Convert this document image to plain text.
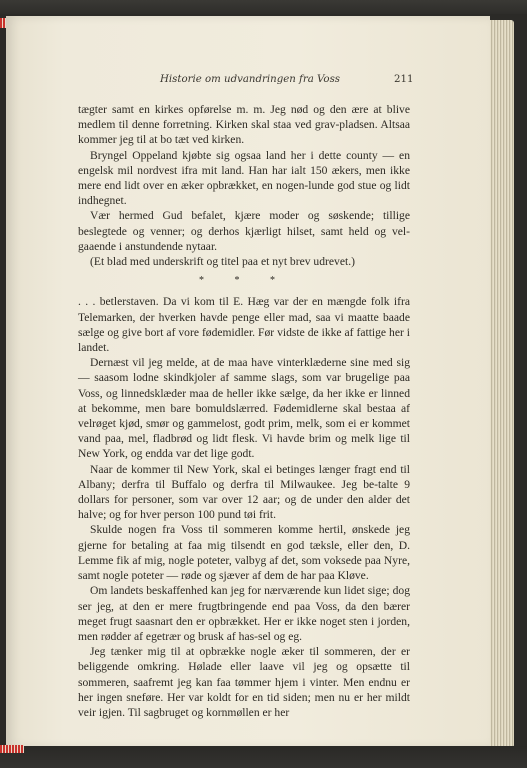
Historie om udvandringen fra Voss	211

tægter samt en kirkes opførelse m. m. Jeg nød og den ære at blive medlem til denne forretning. Kirken skal staa ved grav-pladsen. Altsaa kommer jeg til at bo tæt ved kirken.

Bryngel Oppeland kjøbte sig ogsaa land her i dette county — en engelsk mil nordvest ifra mit land. Han har ialt 150 ækers, men ikke mere end lidt over en æker opbrækket, en nogen-lunde god stue og lidt indhegnet.

Vær hermed Gud befalet, kjære moder og søskende; tillige beslegtede og venner; og derhos kjærligt hilset, samt held og vel-gaaende i anstundende nytaar.

(Et blad med underskrift og titel paa et nyt brev udrevet.)

* * *

. . . betlerstaven. Da vi kom til E. Hæg var der en mængde folk ifra Telemarken, der hverken havde penge eller mad, saa vi maatte baade sælge og give bort af vore fødemidler. Før vidste de ikke af fattige her i landet.

Dernæst vil jeg melde, at de maa have vinterklæderne sine med sig — saasom lodne skindkjoler af samme slags, som var brugelige paa Voss, og linnedsklæder maa de heller ikke sælge, da her ikke er linned at bekomme, men bare bomuldslærred. Fødemidlerne skal bestaa af velrøget kjød, smør og gammelost, godt prim, melk, som ei er kommet vand paa, mel, fladbrød og lidt flesk. Vi havde brim og melk lige til New York, og endda var det lige godt.

Naar de kommer til New York, skal ei betinges længer fragt end til Albany; derfra til Buffalo og derfra til Milwaukee. Jeg be-talte 9 dollars for personer, som var over 12 aar; og de under den alder det halve; og for hver person 100 pund tøi frit.

Skulde nogen fra Voss til sommeren komme hertil, ønskede jeg gjerne for betaling at faa mig tilsendt en god tækslе, eller den, D. Lemme fik af mig, nogle poteter, valbyg af det, som voksede paa Nyre, samt nogle poteter — røde og sjæver af dem de har paa Kløve.

Om landets beskaffenhed kan jeg for nærværende kun lidet sige; dog ser jeg, at den er mere frugtbringende end paa Voss, da den bærer meget frugt saasnart den er opbrækket. Her er ikke noget sten i jorden, men rødder af egetrær og brusk af has-sel og eg.

Jeg tænker mig til at opbrække nogle æker til sommeren, der er beliggende omkring. Hølade eller laave vil jeg og opsætte til sommeren, saafremt jeg kan faa tømmer hjem i vinter. Men endnu er her ingen sneføre. Her var koldt for en tid siden; men nu er her mildt veir igjen. Til sagbruget og kornmøllen er her
